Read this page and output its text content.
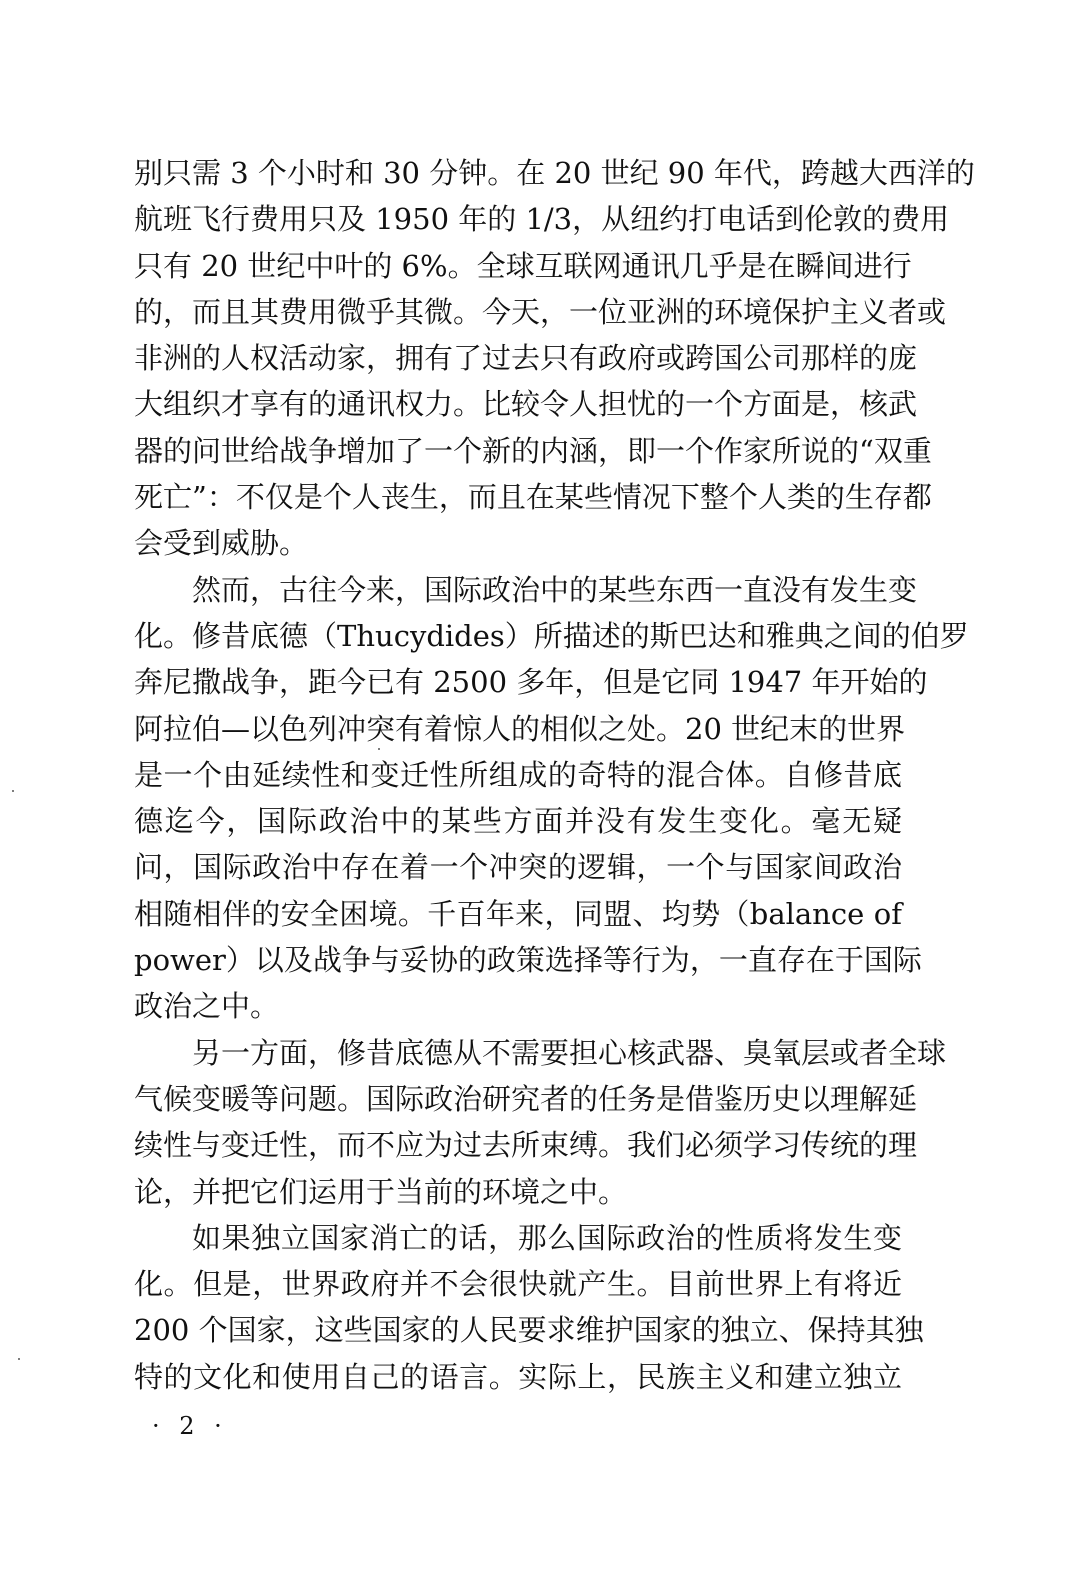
别只需 3 个小时和 30 分钟。在 20 世纪 90 年代，跨越大西洋的
航班飞行费用只及 1950 年的 1/3，从纽约打电话到伦敦的费用
只有 20 世纪中叶的 6%。全球互联网通讯几乎是在瞬间进行
的，而且其费用微乎其微。今天，一位亚洲的环境保护主义者或
非洲的人权活动家，拥有了过去只有政府或跨国公司那样的庞
大组织才享有的通讯权力。比较令人担忧的一个方面是，核武
器的问世给战争增加了一个新的内涵，即一个作家所说的“双重
死亡”：不仅是个人丧生，而且在某些情况下整个人类的生存都
会受到威胁。
然而，古往今来，国际政治中的某些东西一直没有发生变
化。修昔底德（Thucydides）所描述的斯巴达和雅典之间的伯罗
奔尼撒战争，距今已有 2500 多年，但是它同 1947 年开始的
阿拉伯—以色列冲突有着惊人的相似之处。20 世纪末的世界
是一个由延续性和变迁性所组成的奇特的混合体。自修昔底
德迄今，国际政治中的某些方面并没有发生变化。毫无疑
问，国际政治中存在着一个冲突的逻辑，一个与国家间政治
相随相伴的安全困境。千百年来，同盟、均势（balance of
power）以及战争与妥协的政策选择等行为，一直存在于国际
政治之中。
另一方面，修昔底德从不需要担心核武器、臭氧层或者全球
气候变暖等问题。国际政治研究者的任务是借鉴历史以理解延
续性与变迁性，而不应为过去所束缚。我们必须学习传统的理
论，并把它们运用于当前的环境之中。
如果独立国家消亡的话，那么国际政治的性质将发生变
化。但是，世界政府并不会很快就产生。目前世界上有将近
200 个国家，这些国家的人民要求维护国家的独立、保持其独
特的文化和使用自己的语言。实际上，民族主义和建立独立
· 2 ·
